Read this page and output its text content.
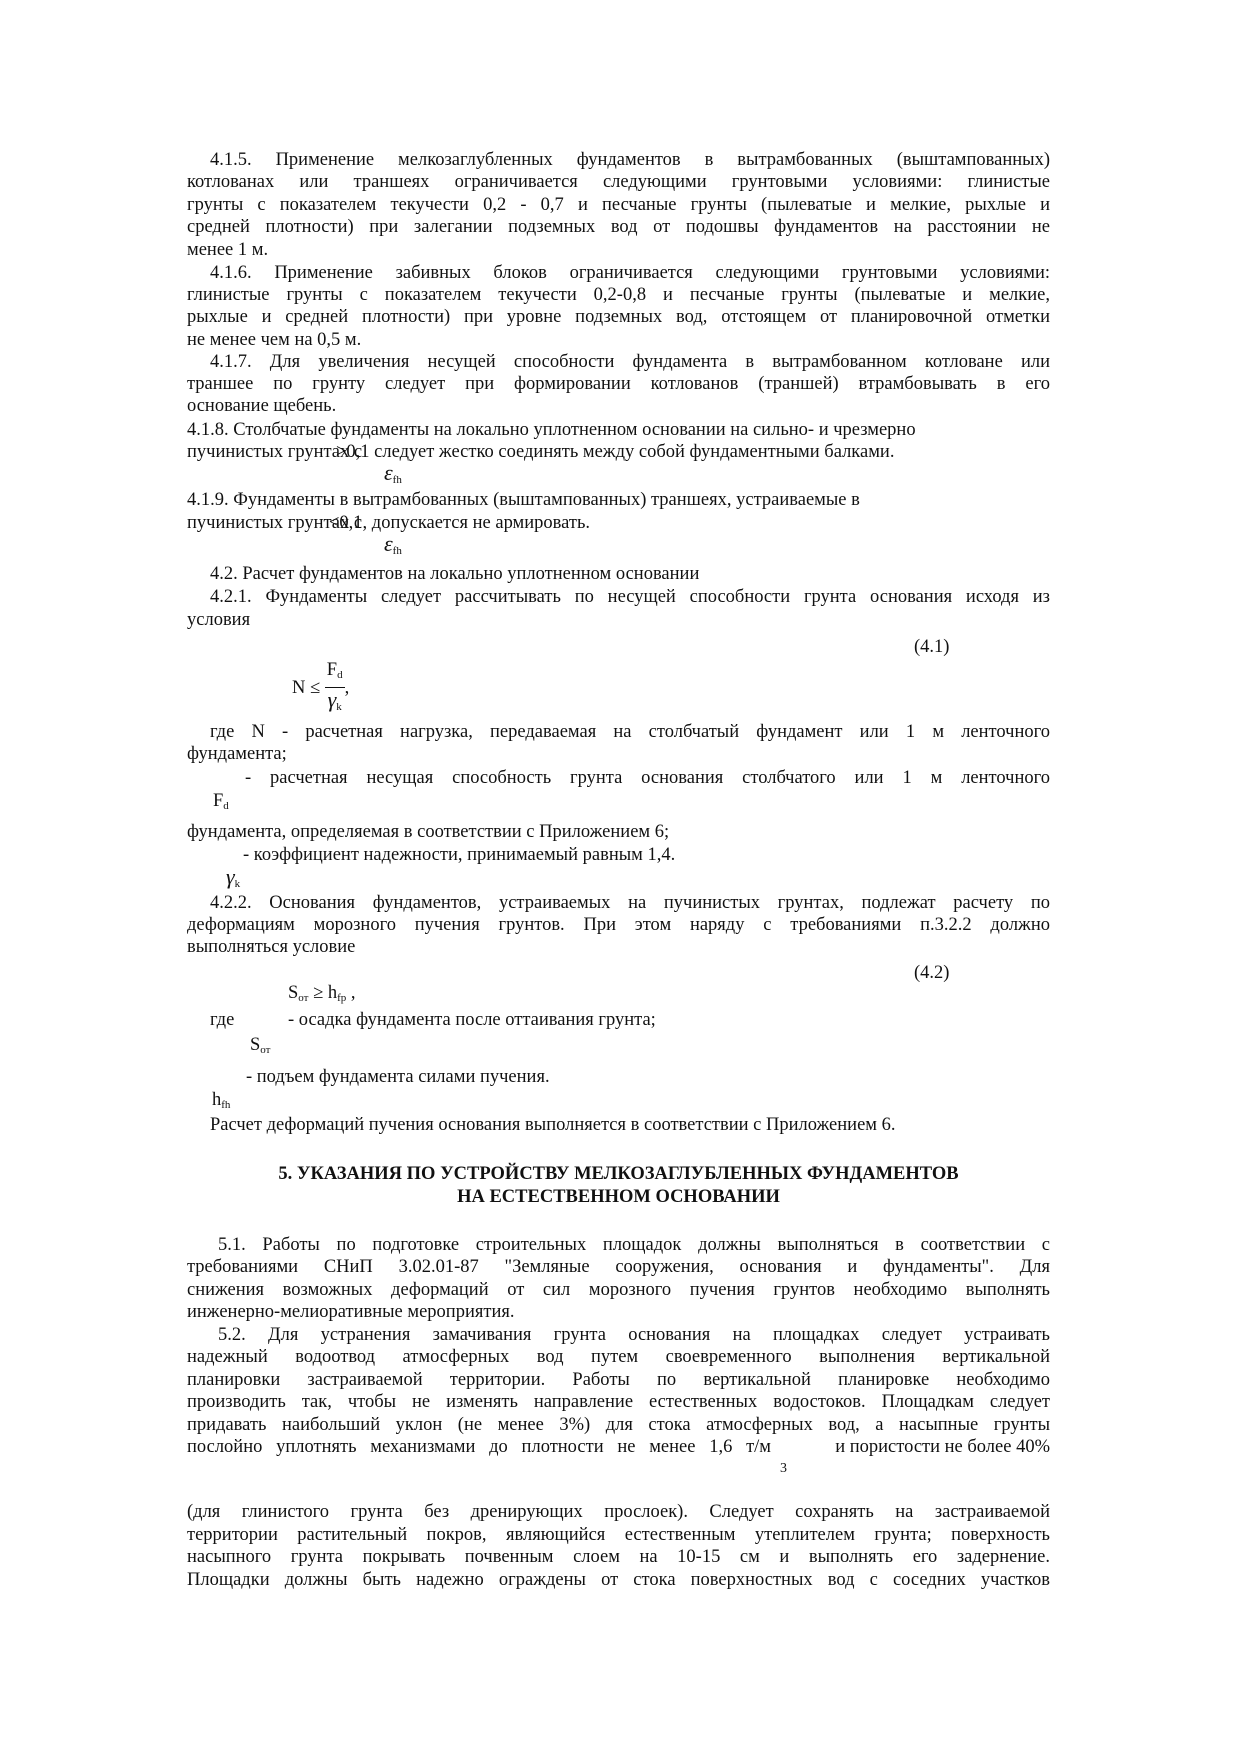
4.1.5. Применение мелкозаглубленных фундаментов в вытрамбованных (выштампованных)
котлованах или траншеях ограничивается следующими грунтовыми условиями: глинистые
грунты с показателем текучести 0,2 - 0,7 и песчаные грунты (пылеватые и мелкие, рыхлые и
средней плотности) при залегании подземных вод от подошвы фундаментов на расстоянии не
менее 1 м.
4.1.6. Применение забивных блоков ограничивается следующими грунтовыми условиями:
глинистые грунты с показателем текучести 0,2-0,8 и песчаные грунты (пылеватые и мелкие,
рыхлые и средней плотности) при уровне подземных вод, отстоящем от планировочной отметки
не менее чем на 0,5 м.
4.1.7. Для увеличения несущей способности фундамента в вытрамбованном котловане или
траншее по грунту следует при формировании котлованов (траншей) втрамбовывать в его
основание щебень.
4.1.8. Столбчатые фундаменты на локально уплотненном основании на сильно- и чрезмерно
пучинистых грунтах с
>0,1 следует жестко соединять между собой фундаментными балками.
$\varepsilon_{fh}$
4.1.9. Фундаменты в вытрамбованных (выштампованных) траншеях, устраиваемые в
пучинистых грунтах с
<0,1, допускается не армировать.
$\varepsilon_{fh}$
4.2. Расчет фундаментов на локально уплотненном основании
4.2.1. Фундаменты следует рассчитывать по несущей способности грунта основания исходя из
условия
(4.1)
$N \le \frac{F_d}{\gamma_k}$ ,
где N - расчетная нагрузка, передаваемая на столбчатый фундамент или 1 м ленточного
фундамента;
- расчетная несущая способность грунта основания столбчатого или 1 м ленточного
$F_d$
фундамента, определяемая в соответствии с Приложением 6;
- коэффициент надежности, принимаемый равным 1,4.
$\gamma_k$
4.2.2. Основания фундаментов, устраиваемых на пучинистых грунтах, подлежат расчету по
деформациям морозного пучения грунтов. При этом наряду с требованиями п.3.2.2 должно
выполняться условие
(4.2)
$S_{от} \ge h_{fp}$ ,
где	- осадка фундамента после оттаивания грунта;
$S_{от}$
- подъем фундамента силами пучения.
$h_{fh}$
Расчет деформаций пучения основания выполняется в соответствии с Приложением 6.
5. УКАЗАНИЯ ПО УСТРОЙСТВУ МЕЛКОЗАГЛУБЛЕННЫХ ФУНДАМЕНТОВ
НА ЕСТЕСТВЕННОМ ОСНОВАНИИ
5.1. Работы по подготовке строительных площадок должны выполняться в соответствии с
требованиями СНиП 3.02.01-87 "Земляные сооружения, основания и фундаменты". Для
снижения возможных деформаций от сил морозного пучения грунтов необходимо выполнять
инженерно-мелиоративные мероприятия.
5.2. Для устранения замачивания грунта основания на площадках следует устраивать
надежный водоотвод атмосферных вод путем своевременного выполнения вертикальной
планировки застраиваемой территории. Работы по вертикальной планировке необходимо
производить так, чтобы не изменять направление естественных водостоков. Площадкам следует
придавать наибольший уклон (не менее 3%) для стока атмосферных вод, а насыпные грунты
послойно уплотнять механизмами до плотности не менее 1,6 т/м	и пористости не более 40%
3
(для глинистого грунта без дренирующих прослоек). Следует сохранять на застраиваемой
территории растительный покров, являющийся естественным утеплителем грунта; поверхность
насыпного грунта покрывать почвенным слоем на 10-15 см и выполнять его задернение.
Площадки должны быть надежно ограждены от стока поверхностных вод с соседних участков
